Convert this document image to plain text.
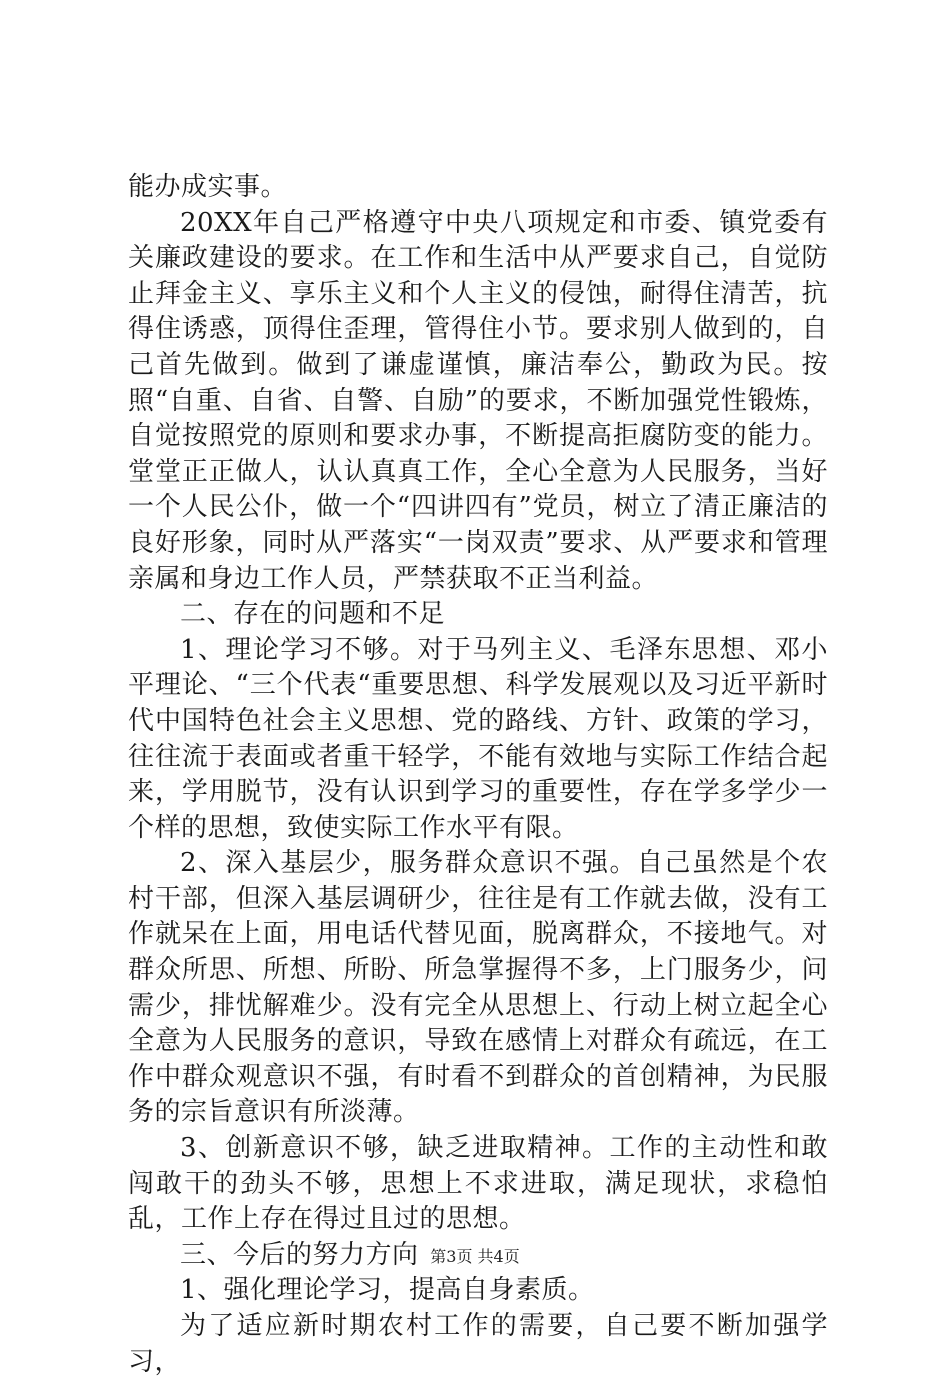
能办成实事。

20XX年自己严格遵守中央八项规定和市委、镇党委有关廉政建设的要求。在工作和生活中从严要求自己，自觉防止拜金主义、享乐主义和个人主义的侵蚀，耐得住清苦，抗得住诱惑，顶得住歪理，管得住小节。要求别人做到的，自己首先做到。做到了谦虚谨慎，廉洁奉公，勤政为民。按照“自重、自省、自警、自励”的要求，不断加强党性锻炼，自觉按照党的原则和要求办事，不断提高拒腐防变的能力。堂堂正正做人，认认真真工作，全心全意为人民服务，当好一个人民公仆，做一个“四讲四有”党员，树立了清正廉洁的良好形象，同时从严落实“一岗双责”要求、从严要求和管理亲属和身边工作人员，严禁获取不正当利益。

二、存在的问题和不足

1、理论学习不够。对于马列主义、毛泽东思想、邓小平理论、“三个代表“重要思想、科学发展观以及习近平新时代中国特色社会主义思想、党的路线、方针、政策的学习，往往流于表面或者重干轻学，不能有效地与实际工作结合起来，学用脱节，没有认识到学习的重要性，存在学多学少一个样的思想，致使实际工作水平有限。

2、深入基层少，服务群众意识不强。自己虽然是个农村干部，但深入基层调研少，往往是有工作就去做，没有工作就呆在上面，用电话代替见面，脱离群众，不接地气。对群众所思、所想、所盼、所急掌握得不多，上门服务少，问需少，排忧解难少。没有完全从思想上、行动上树立起全心全意为人民服务的意识，导致在感情上对群众有疏远，在工作中群众观意识不强，有时看不到群众的首创精神，为民服务的宗旨意识有所淡薄。

3、创新意识不够，缺乏进取精神。工作的主动性和敢闯敢干的劲头不够，思想上不求进取，满足现状，求稳怕乱，工作上存在得过且过的思想。

三、今后的努力方向

1、强化理论学习，提高自身素质。

为了适应新时期农村工作的需要，自己要不断加强学习，

第3页 共4页
